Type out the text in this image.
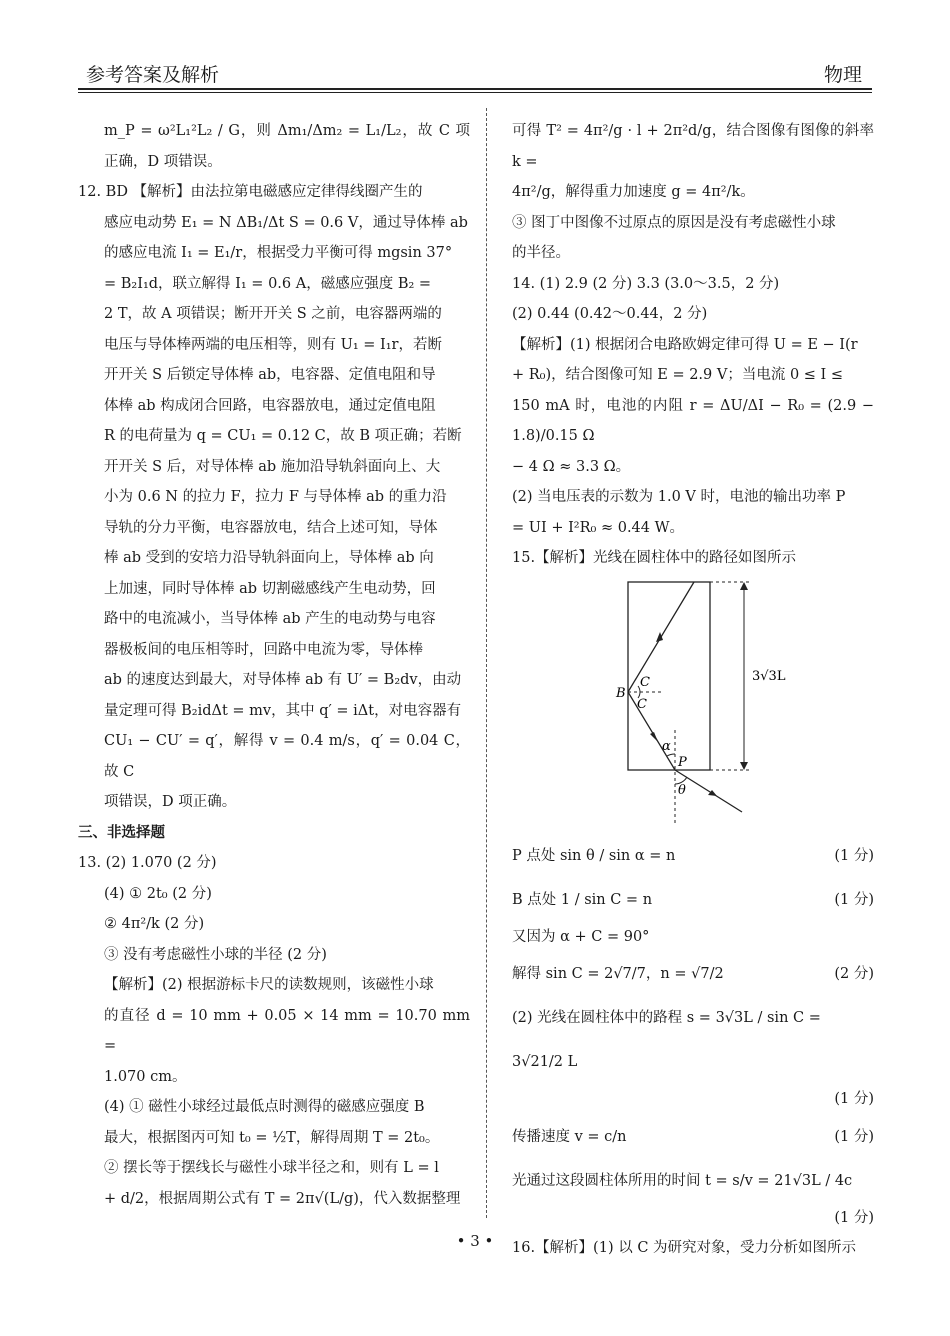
参考答案及解析	物理

m_P = ω²L₁²L₂ / G，则 Δm₁/Δm₂ = L₁/L₂，故 C 项正确，D 项错误。

12. BD 【解析】由法拉第电磁感应定律得线圈产生的

感应电动势 E₁ = N ΔB₁/Δt S = 0.6 V，通过导体棒 ab

的感应电流 I₁ = E₁/r，根据受力平衡可得 mgsin 37°

= B₂I₁d，联立解得 I₁ = 0.6 A，磁感应强度 B₂ =

2 T，故 A 项错误；断开开关 S 之前，电容器两端的

电压与导体棒两端的电压相等，则有 U₁ = I₁r，若断

开开关 S 后锁定导体棒 ab，电容器、定值电阻和导

体棒 ab 构成闭合回路，电容器放电，通过定值电阻

R 的电荷量为 q = CU₁ = 0.12 C，故 B 项正确；若断

开开关 S 后，对导体棒 ab 施加沿导轨斜面向上、大

小为 0.6 N 的拉力 F，拉力 F 与导体棒 ab 的重力沿

导轨的分力平衡，电容器放电，结合上述可知，导体

棒 ab 受到的安培力沿导轨斜面向上，导体棒 ab 向

上加速，同时导体棒 ab 切割磁感线产生电动势，回

路中的电流减小，当导体棒 ab 产生的电动势与电容

器极板间的电压相等时，回路中电流为零，导体棒

ab 的速度达到最大，对导体棒 ab 有 U′ = B₂dv，由动

量定理可得 B₂idΔt = mv，其中 q′ = iΔt，对电容器有

CU₁ − CU′ = q′，解得 v = 0.4 m/s，q′ = 0.04 C，故 C

项错误，D 项正确。

三、非选择题

13. (2) 1.070 (2 分)

(4) ① 2t₀ (2 分)

② 4π²/k (2 分)

③ 没有考虑磁性小球的半径 (2 分)

【解析】(2) 根据游标卡尺的读数规则，该磁性小球

的直径 d = 10 mm + 0.05 × 14 mm = 10.70 mm =

1.070 cm。

(4) ① 磁性小球经过最低点时测得的磁感应强度 B

最大，根据图丙可知 t₀ = ½T，解得周期 T = 2t₀。

② 摆长等于摆线长与磁性小球半径之和，则有 L = l

+ d/2，根据周期公式有 T = 2π√(L/g)，代入数据整理

可得 T² = 4π²/g · l + 2π²d/g，结合图像有图像的斜率 k =

4π²/g，解得重力加速度 g = 4π²/k。

③ 图丁中图像不过原点的原因是没有考虑磁性小球

的半径。

14. (1) 2.9 (2 分) 3.3 (3.0～3.5，2 分)

(2) 0.44 (0.42～0.44，2 分)

【解析】(1) 根据闭合电路欧姆定律可得 U = E − I(r

+ R₀)，结合图像可知 E = 2.9 V；当电流 0 ≤ I ≤

150 mA 时，电池的内阻 r = ΔU/ΔI − R₀ = (2.9 − 1.8)/0.15 Ω

− 4 Ω ≈ 3.3 Ω。

(2) 当电压表的示数为 1.0 V 时，电池的输出功率 P

= UI + I²R₀ ≈ 0.44 W。

15.【解析】光线在圆柱体中的路径如图所示

3√3L
B
C
C
α
P
θ
P 点处 sin θ / sin α = n	(1 分)
B 点处 1 / sin C = n	(1 分)
又因为 α + C = 90°
解得 sin C = 2√7/7，n = √7/2	(2 分)
(2) 光线在圆柱体中的路程 s = 3√3L / sin C = 3√21/2 L
(1 分)
传播速度 v = c/n	(1 分)
光通过这段圆柱体所用的时间 t = s/v = 21√3L / 4c
(1 分)
16.【解析】(1) 以 C 为研究对象，受力分析如图所示
• 3 •
